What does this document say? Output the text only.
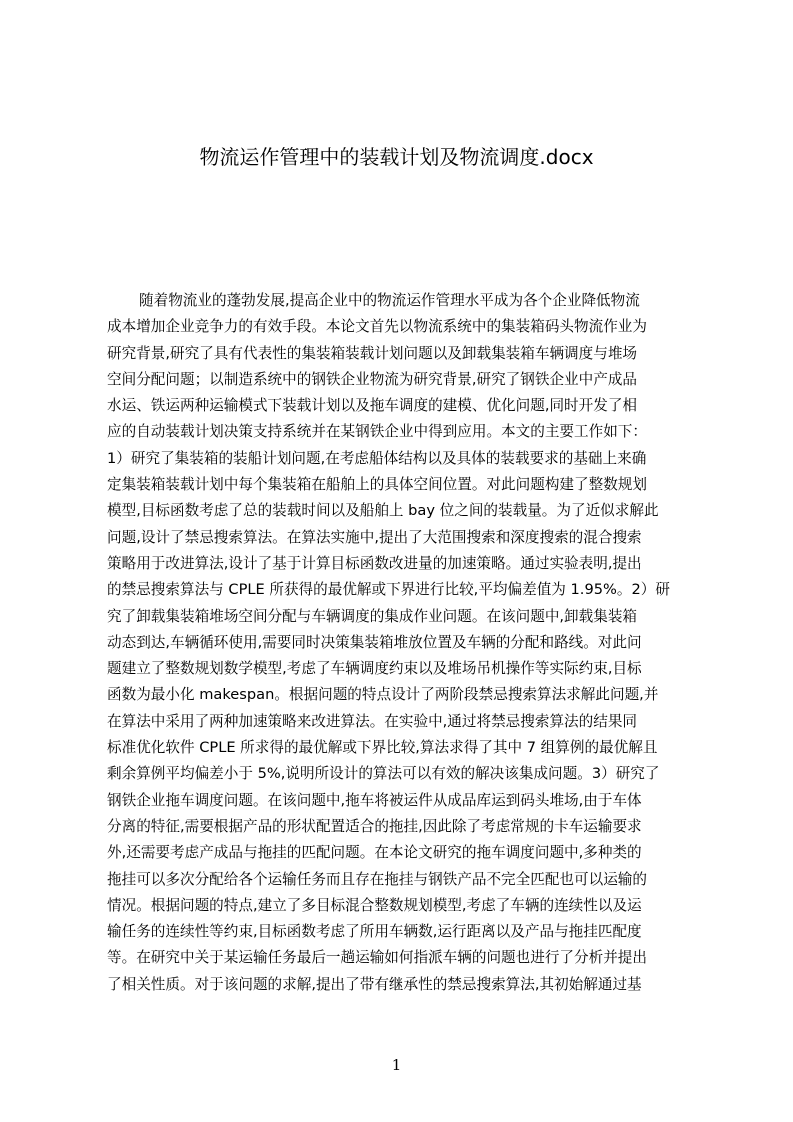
物流运作管理中的装载计划及物流调度.docx
随着物流业的蓬勃发展,提高企业中的物流运作管理水平成为各个企业降低物流
成本增加企业竞争力的有效手段。本论文首先以物流系统中的集装箱码头物流作业为
研究背景,研究了具有代表性的集装箱装载计划问题以及卸载集装箱车辆调度与堆场
空间分配问题；以制造系统中的钢铁企业物流为研究背景,研究了钢铁企业中产成品
水运、铁运两种运输模式下装载计划以及拖车调度的建模、优化问题,同时开发了相
应的自动装载计划决策支持系统并在某钢铁企业中得到应用。本文的主要工作如下：
1）研究了集装箱的装船计划问题,在考虑船体结构以及具体的装载要求的基础上来确
定集装箱装载计划中每个集装箱在船舶上的具体空间位置。对此问题构建了整数规划
模型,目标函数考虑了总的装载时间以及船舶上 bay 位之间的装载量。为了近似求解此
问题,设计了禁忌搜索算法。在算法实施中,提出了大范围搜索和深度搜索的混合搜索
策略用于改进算法,设计了基于计算目标函数改进量的加速策略。通过实验表明,提出
的禁忌搜索算法与 CPLE 所获得的最优解或下界进行比较,平均偏差值为 1.95%。2）研
究了卸载集装箱堆场空间分配与车辆调度的集成作业问题。在该问题中,卸载集装箱
动态到达,车辆循环使用,需要同时决策集装箱堆放位置及车辆的分配和路线。对此问
题建立了整数规划数学模型,考虑了车辆调度约束以及堆场吊机操作等实际约束,目标
函数为最小化 makespan。根据问题的特点设计了两阶段禁忌搜索算法求解此问题,并
在算法中采用了两种加速策略来改进算法。在实验中,通过将禁忌搜索算法的结果同
标准优化软件 CPLE 所求得的最优解或下界比较,算法求得了其中 7 组算例的最优解且
剩余算例平均偏差小于 5%,说明所设计的算法可以有效的解决该集成问题。3）研究了
钢铁企业拖车调度问题。在该问题中,拖车将被运件从成品库运到码头堆场,由于车体
分离的特征,需要根据产品的形状配置适合的拖挂,因此除了考虑常规的卡车运输要求
外,还需要考虑产成品与拖挂的匹配问题。在本论文研究的拖车调度问题中,多种类的
拖挂可以多次分配给各个运输任务而且存在拖挂与钢铁产品不完全匹配也可以运输的
情况。根据问题的特点,建立了多目标混合整数规划模型,考虑了车辆的连续性以及运
输任务的连续性等约束,目标函数考虑了所用车辆数,运行距离以及产品与拖挂匹配度
等。在研究中关于某运输任务最后一趟运输如何指派车辆的问题也进行了分析并提出
了相关性质。对于该问题的求解,提出了带有继承性的禁忌搜索算法,其初始解通过基
1
